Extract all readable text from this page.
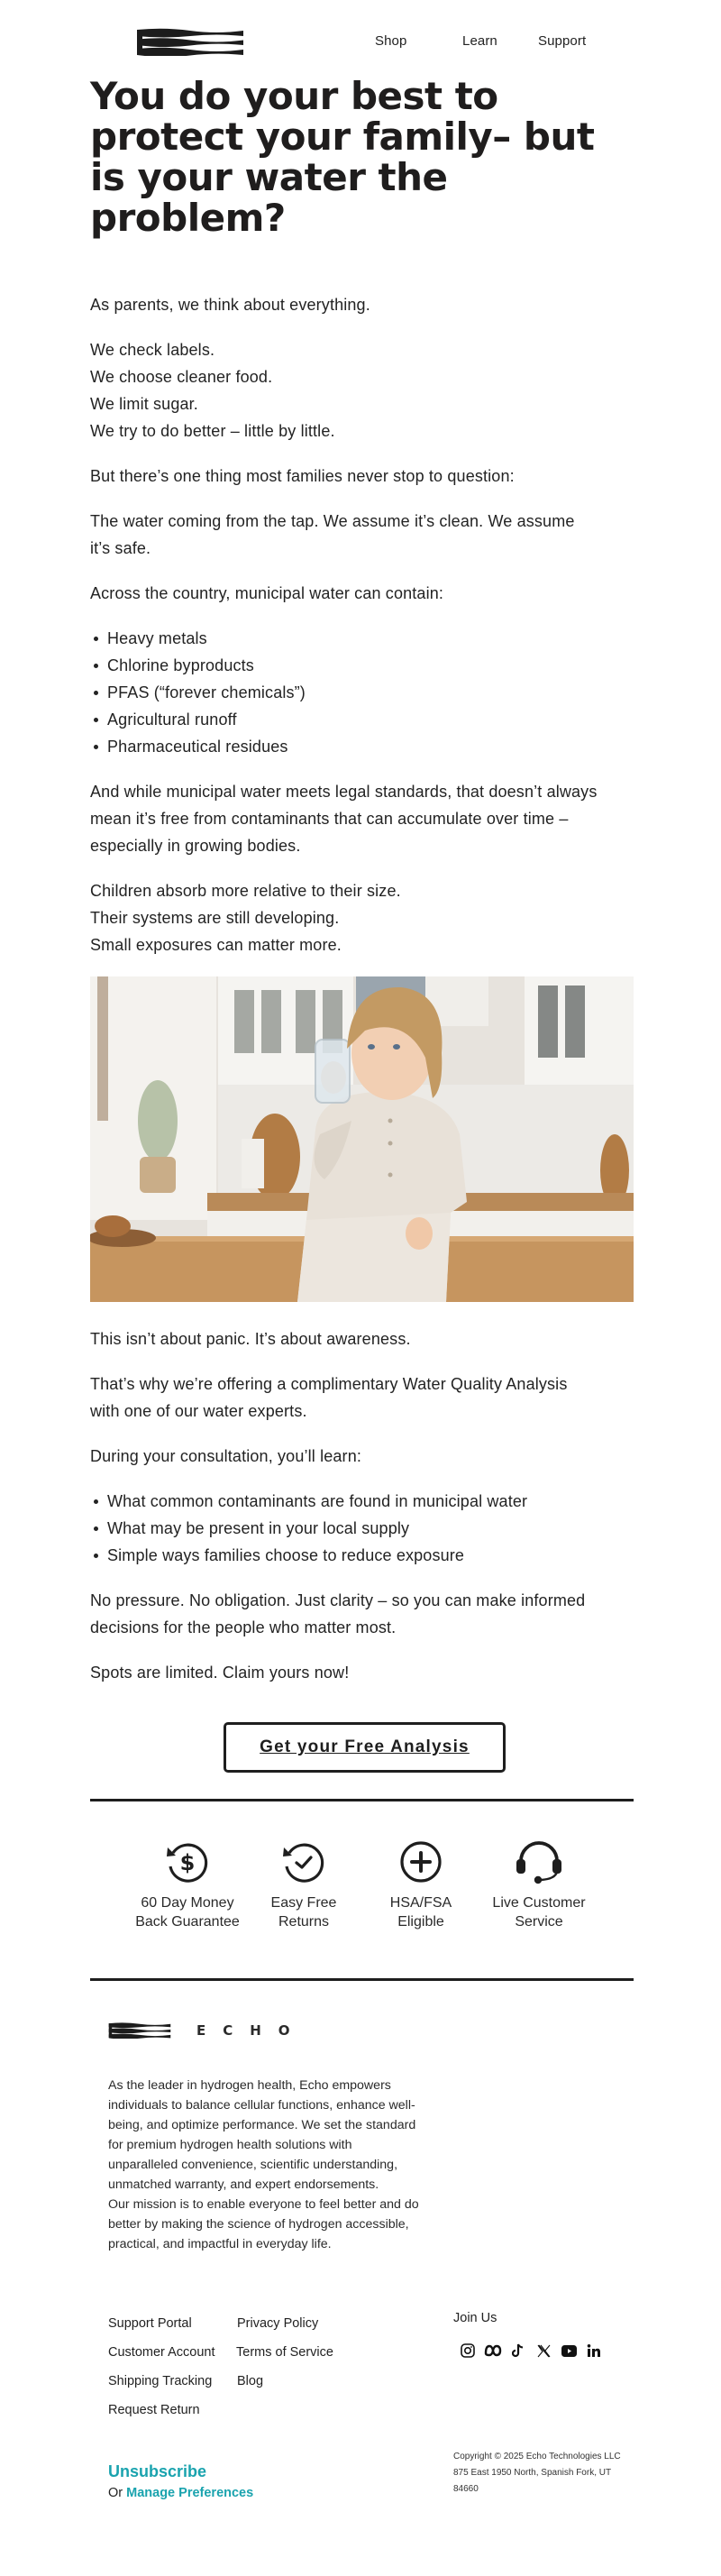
Shop	Learn	Support
You do your best to
protect your family– but
is your water the
problem?

As parents, we think about everything.

We check labels.
We choose cleaner food.
We limit sugar.
We try to do better – little by little.

But there’s one thing most families never stop to question:

The water coming from the tap. We assume it’s clean. We assume
it’s safe.

Across the country, municipal water can contain:

Heavy metals
Chlorine byproducts
PFAS (“forever chemicals”)
Agricultural runoff
Pharmaceutical residues

And while municipal water meets legal standards, that doesn’t always
mean it’s free from contaminants that can accumulate over time –
especially in growing bodies.

Children absorb more relative to their size.
Their systems are still developing.
Small exposures can matter more.

This isn’t about panic. It’s about awareness.

That’s why we’re offering a complimentary Water Quality Analysis
with one of our water experts.

During your consultation, you’ll learn:

What common contaminants are found in municipal water
What may be present in your local supply
Simple ways families choose to reduce exposure

No pressure. No obligation. Just clarity – so you can make informed
decisions for the people who matter most.

Spots are limited. Claim yours now!

Get your Free Analysis
$
60 Day Money
Back Guarantee
Easy Free
Returns
HSA/FSA
Eligible
Live Customer
Service
ECHO

As the leader in hydrogen health, Echo empowers
individuals to balance cellular functions, enhance well-
being, and optimize performance. We set the standard
for premium hydrogen health solutions with
unparalleled convenience, scientific understanding,
unmatched warranty, and expert endorsements.

Our mission is to enable everyone to feel better and do
better by making the science of hydrogen accessible,
practical, and impactful in everyday life.

Support Portal
Customer Account
Shipping Tracking
Request Return
Privacy Policy
Terms of Service
Blog
Join Us
Unsubscribe
Or Manage Preferences
Copyright © 2025 Echo Technologies LLC
875 East 1950 North, Spanish Fork, UT
84660
